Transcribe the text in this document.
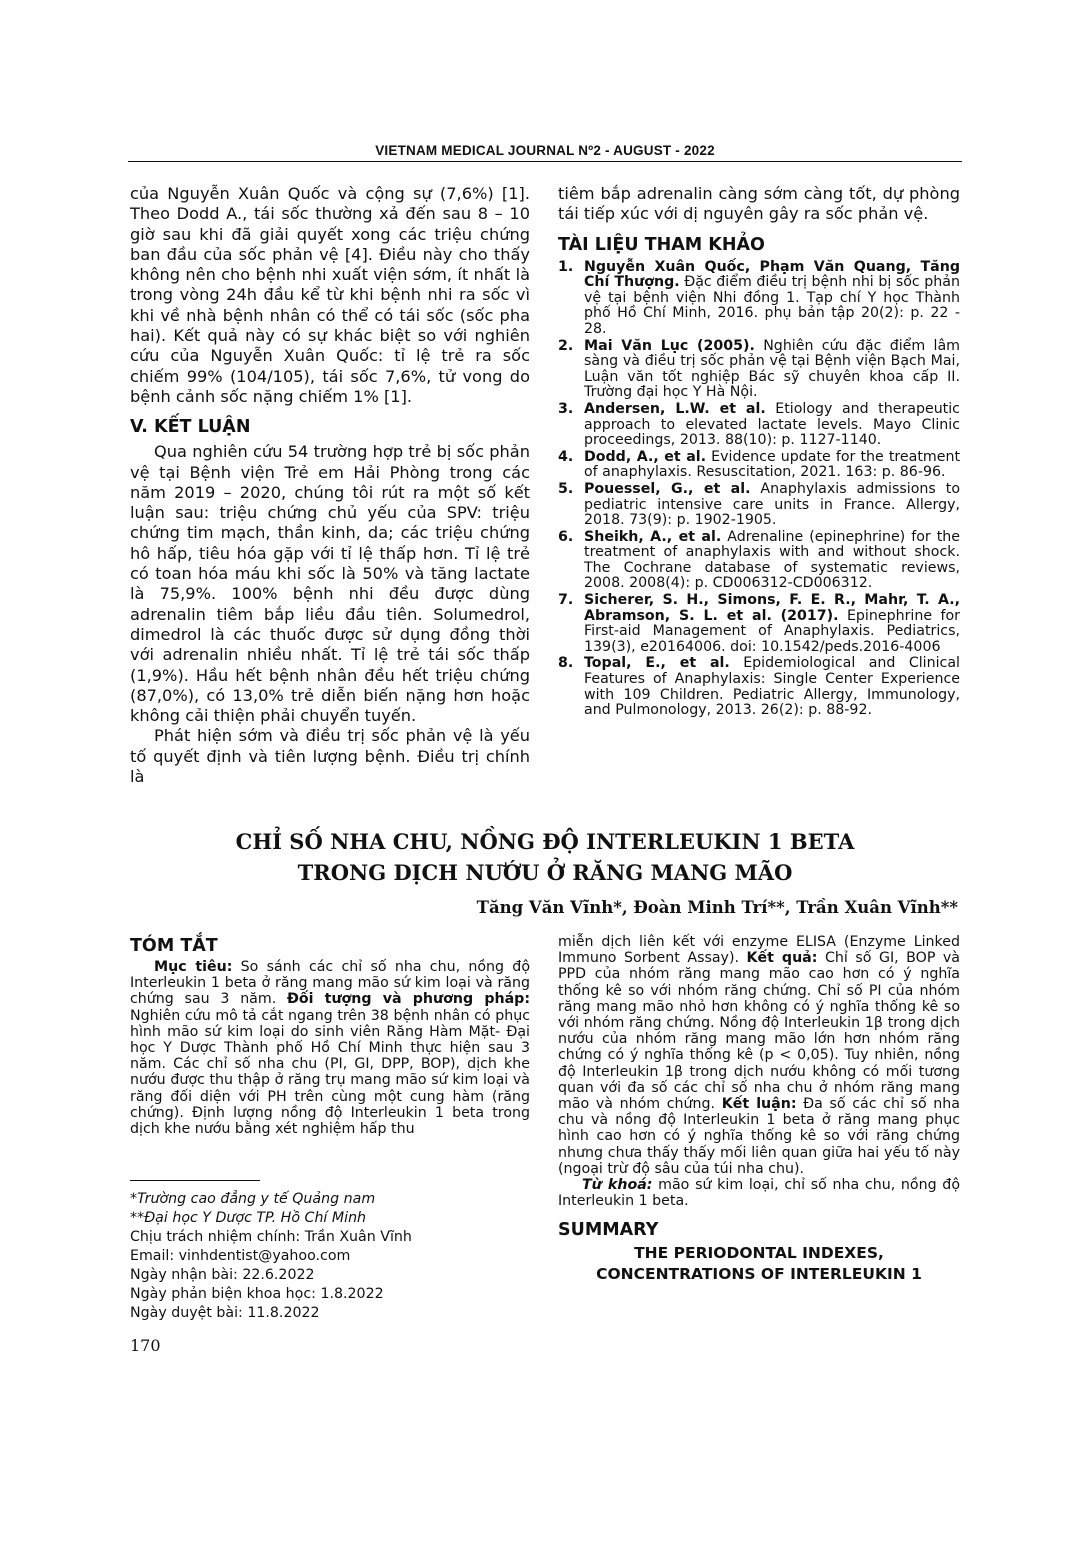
VIETNAM MEDICAL JOURNAL Nº2 - AUGUST - 2022

của Nguyễn Xuân Quốc và cộng sự (7,6%) [1]. Theo Dodd A., tái sốc thường xả đến sau 8 – 10 giờ sau khi đã giải quyết xong các triệu chứng ban đầu của sốc phản vệ [4]. Điều này cho thấy không nên cho bệnh nhi xuất viện sớm, ít nhất là trong vòng 24h đầu kể từ khi bệnh nhi ra sốc vì khi về nhà bệnh nhân có thể có tái sốc (sốc pha hai). Kết quả này có sự khác biệt so với nghiên cứu của Nguyễn Xuân Quốc: tỉ lệ trẻ ra sốc chiếm 99% (104/105), tái sốc 7,6%, tử vong do bệnh cảnh sốc nặng chiếm 1% [1].

V. KẾT LUẬN

Qua nghiên cứu 54 trường hợp trẻ bị sốc phản vệ tại Bệnh viện Trẻ em Hải Phòng trong các năm 2019 – 2020, chúng tôi rút ra một số kết luận sau: triệu chứng chủ yếu của SPV: triệu chứng tim mạch, thần kinh, da; các triệu chứng hô hấp, tiêu hóa gặp với tỉ lệ thấp hơn. Tỉ lệ trẻ có toan hóa máu khi sốc là 50% và tăng lactate là 75,9%. 100% bệnh nhi đều được dùng adrenalin tiêm bắp liều đầu tiên. Solumedrol, dimedrol là các thuốc được sử dụng đồng thời với adrenalin nhiều nhất. Tỉ lệ trẻ tái sốc thấp (1,9%). Hầu hết bệnh nhân đều hết triệu chứng (87,0%), có 13,0% trẻ diễn biến nặng hơn hoặc không cải thiện phải chuyển tuyến.

Phát hiện sớm và điều trị sốc phản vệ là yếu tố quyết định và tiên lượng bệnh. Điều trị chính là

tiêm bắp adrenalin càng sớm càng tốt, dự phòng tái tiếp xúc với dị nguyên gây ra sốc phản vệ.

TÀI LIỆU THAM KHẢO
1. Nguyễn Xuân Quốc, Phạm Văn Quang, Tăng Chí Thượng. Đặc điểm điều trị bệnh nhi bị sốc phản vệ tại bệnh viện Nhi đồng 1. Tạp chí Y học Thành phố Hồ Chí Minh, 2016. phụ bản tập 20(2): p. 22 - 28.
2. Mai Văn Lục (2005). Nghiên cứu đặc điểm lâm sàng và điều trị sốc phản vệ tại Bệnh viện Bạch Mai, Luận văn tốt nghiệp Bác sỹ chuyên khoa cấp II. Trường đại học Y Hà Nội.
3. Andersen, L.W. et al. Etiology and therapeutic approach to elevated lactate levels. Mayo Clinic proceedings, 2013. 88(10): p. 1127-1140.
4. Dodd, A., et al. Evidence update for the treatment of anaphylaxis. Resuscitation, 2021. 163: p. 86-96.
5. Pouessel, G., et al. Anaphylaxis admissions to pediatric intensive care units in France. Allergy, 2018. 73(9): p. 1902-1905.
6. Sheikh, A., et al. Adrenaline (epinephrine) for the treatment of anaphylaxis with and without shock. The Cochrane database of systematic reviews, 2008. 2008(4): p. CD006312-CD006312.
7. Sicherer, S. H., Simons, F. E. R., Mahr, T. A., Abramson, S. L. et al. (2017). Epinephrine for First-aid Management of Anaphylaxis. Pediatrics, 139(3), e20164006. doi: 10.1542/peds.2016-4006
8. Topal, E., et al. Epidemiological and Clinical Features of Anaphylaxis: Single Center Experience with 109 Children. Pediatric Allergy, Immunology, and Pulmonology, 2013. 26(2): p. 88-92.
CHỈ SỐ NHA CHU, NỒNG ĐỘ INTERLEUKIN 1 BETA
TRONG DỊCH NƯỚU Ở RĂNG MANG MÃO
Tăng Văn Vĩnh*, Đoàn Minh Trí**, Trần Xuân Vĩnh**
TÓM TẮT

Mục tiêu: So sánh các chỉ số nha chu, nồng độ Interleukin 1 beta ở răng mang mão sứ kim loại và răng chứng sau 3 năm. Đối tượng và phương pháp: Nghiên cứu mô tả cắt ngang trên 38 bệnh nhân có phục hình mão sứ kim loại do sinh viên Răng Hàm Mặt- Đại học Y Dược Thành phố Hồ Chí Minh thực hiện sau 3 năm. Các chỉ số nha chu (PI, GI, DPP, BOP), dịch khe nướu được thu thập ở răng trụ mang mão sứ kim loại và răng đối diện với PH trên cùng một cung hàm (răng chứng). Định lượng nồng độ Interleukin 1 beta trong dịch khe nướu bằng xét nghiệm hấp thu

*Trường cao đẳng y tế Quảng nam

**Đại học Y Dược TP. Hồ Chí Minh

Chịu trách nhiệm chính: Trần Xuân Vĩnh

Email: vinhdentist@yahoo.com

Ngày nhận bài: 22.6.2022

Ngày phản biện khoa học: 1.8.2022

Ngày duyệt bài: 11.8.2022

170

miễn dịch liên kết với enzyme ELISA (Enzyme Linked Immuno Sorbent Assay). Kết quả: Chỉ số GI, BOP và PPD của nhóm răng mang mão cao hơn có ý nghĩa thống kê so với nhóm răng chứng. Chỉ số PI của nhóm răng mang mão nhỏ hơn không có ý nghĩa thống kê so với nhóm răng chứng. Nồng độ Interleukin 1β trong dịch nướu của nhóm răng mang mão lớn hơn nhóm răng chứng có ý nghĩa thống kê (p < 0,05). Tuy nhiên, nồng độ Interleukin 1β trong dịch nướu không có mối tương quan với đa số các chỉ số nha chu ở nhóm răng mang mão và nhóm chứng. Kết luận: Đa số các chỉ số nha chu và nồng độ Interleukin 1 beta ở răng mang phục hình cao hơn có ý nghĩa thống kê so với răng chứng nhưng chưa thấy thấy mối liên quan giữa hai yếu tố này (ngoại trừ độ sâu của túi nha chu).

Từ khoá: mão sứ kim loại, chỉ số nha chu, nồng độ Interleukin 1 beta.

SUMMARY

THE PERIODONTAL INDEXES,

CONCENTRATIONS OF INTERLEUKIN 1
